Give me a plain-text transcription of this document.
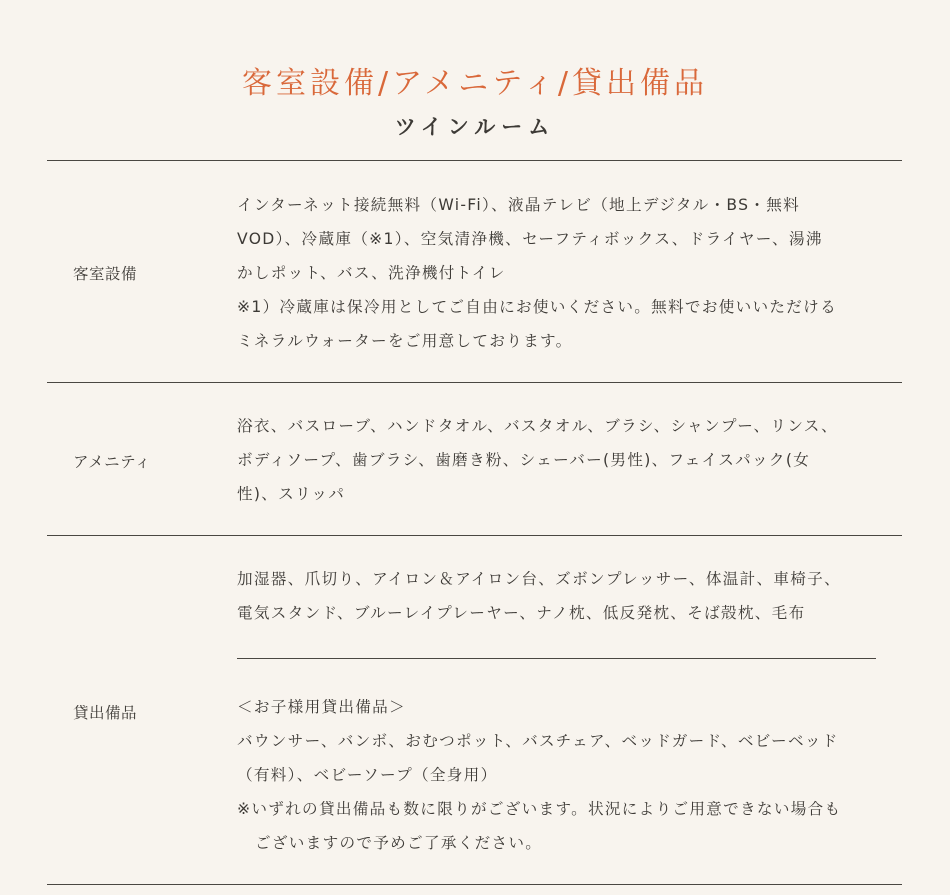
客室設備/アメニティ/貸出備品
ツインルーム
客室設備
インターネット接続無料（Wi-Fi）、液晶テレビ（地上デジタル・BS・無料
VOD）、冷蔵庫（※1）、空気清浄機、セーフティボックス、ドライヤー、湯沸
かしポット、バス、洗浄機付トイレ
※1）冷蔵庫は保冷用としてご自由にお使いください。無料でお使いいただける
ミネラルウォーターをご用意しております。
アメニティ
浴衣、バスローブ、ハンドタオル、バスタオル、ブラシ、シャンプー、リンス、
ボディソープ、歯ブラシ、歯磨き粉、シェーバー(男性)、フェイスパック(女
性)、スリッパ
貸出備品
加湿器、爪切り、アイロン＆アイロン台、ズボンプレッサー、体温計、車椅子、
電気スタンド、ブルーレイプレーヤー、ナノ枕、低反発枕、そば殻枕、毛布
＜お子様用貸出備品＞
バウンサー、バンボ、おむつポット、バスチェア、ベッドガード、ベビーベッド
（有料）、ベビーソープ（全身用）
※いずれの貸出備品も数に限りがございます。状況によりご用意できない場合も
ございますので予めご了承ください。
